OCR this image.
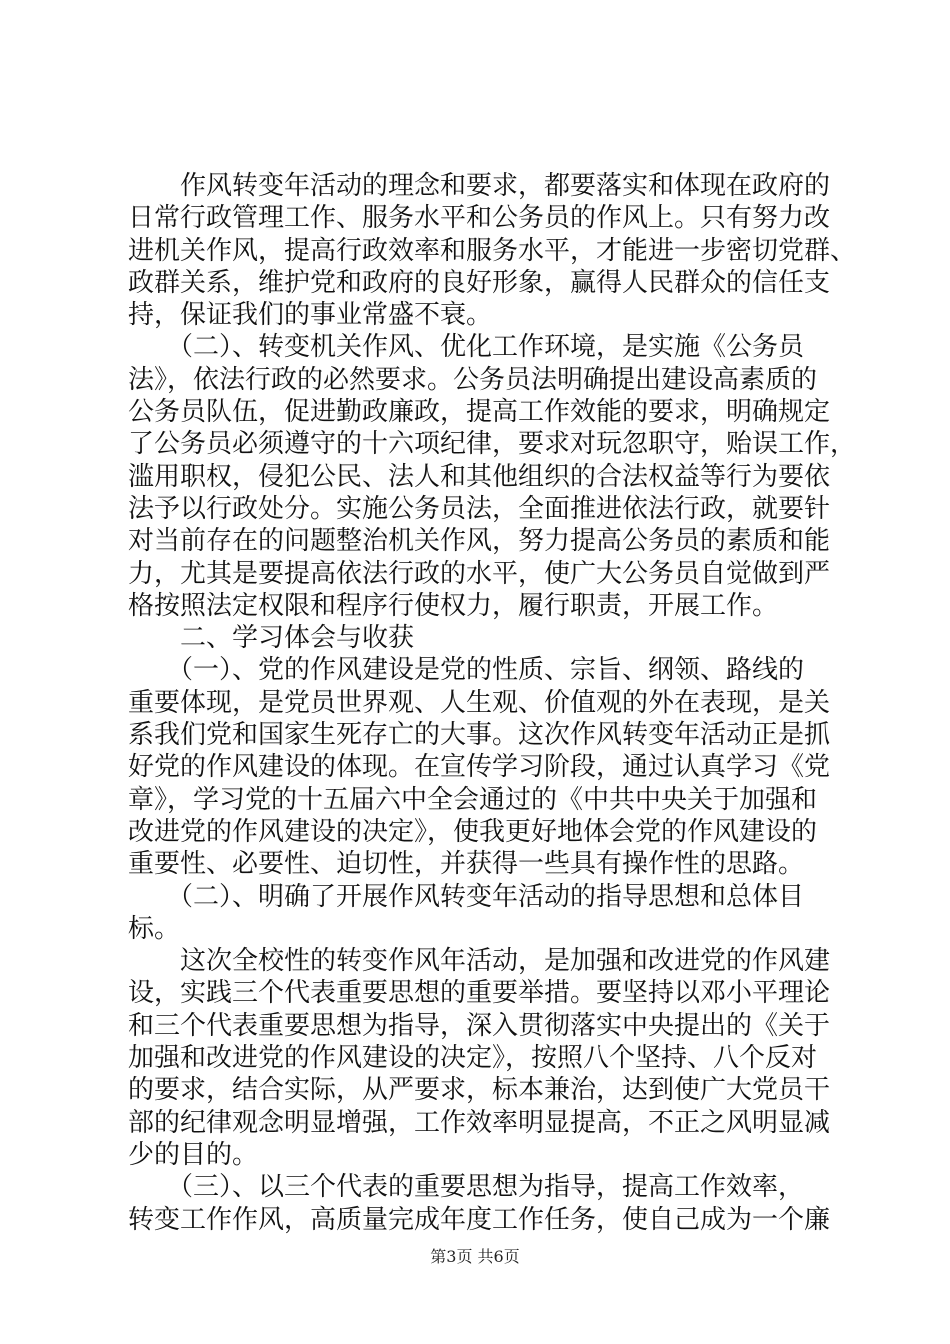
　　作风转变年活动的理念和要求，都要落实和体现在政府的
日常行政管理工作、服务水平和公务员的作风上。只有努力改
进机关作风，提高行政效率和服务水平，才能进一步密切党群、
政群关系，维护党和政府的良好形象，赢得人民群众的信任支
持，保证我们的事业常盛不衰。
　　（二）、转变机关作风、优化工作环境，是实施《公务员
法》，依法行政的必然要求。公务员法明确提出建设高素质的
公务员队伍，促进勤政廉政，提高工作效能的要求，明确规定
了公务员必须遵守的十六项纪律，要求对玩忽职守，贻误工作，
滥用职权，侵犯公民、法人和其他组织的合法权益等行为要依
法予以行政处分。实施公务员法，全面推进依法行政，就要针
对当前存在的问题整治机关作风，努力提高公务员的素质和能
力，尤其是要提高依法行政的水平，使广大公务员自觉做到严
格按照法定权限和程序行使权力，履行职责，开展工作。
　　二、学习体会与收获
　　（一）、党的作风建设是党的性质、宗旨、纲领、路线的
重要体现，是党员世界观、人生观、价值观的外在表现，是关
系我们党和国家生死存亡的大事。这次作风转变年活动正是抓
好党的作风建设的体现。在宣传学习阶段，通过认真学习《党
章》，学习党的十五届六中全会通过的《中共中央关于加强和
改进党的作风建设的决定》，使我更好地体会党的作风建设的
重要性、必要性、迫切性，并获得一些具有操作性的思路。
　　（二）、明确了开展作风转变年活动的指导思想和总体目
标。
　　这次全校性的转变作风年活动，是加强和改进党的作风建
设，实践三个代表重要思想的重要举措。要坚持以邓小平理论
和三个代表重要思想为指导，深入贯彻落实中央提出的《关于
加强和改进党的作风建设的决定》，按照八个坚持、八个反对
的要求，结合实际，从严要求，标本兼治，达到使广大党员干
部的纪律观念明显增强，工作效率明显提高，不正之风明显减
少的目的。
　　（三）、以三个代表的重要思想为指导，提高工作效率，
转变工作作风，高质量完成年度工作任务，使自己成为一个廉
第3页 共6页
